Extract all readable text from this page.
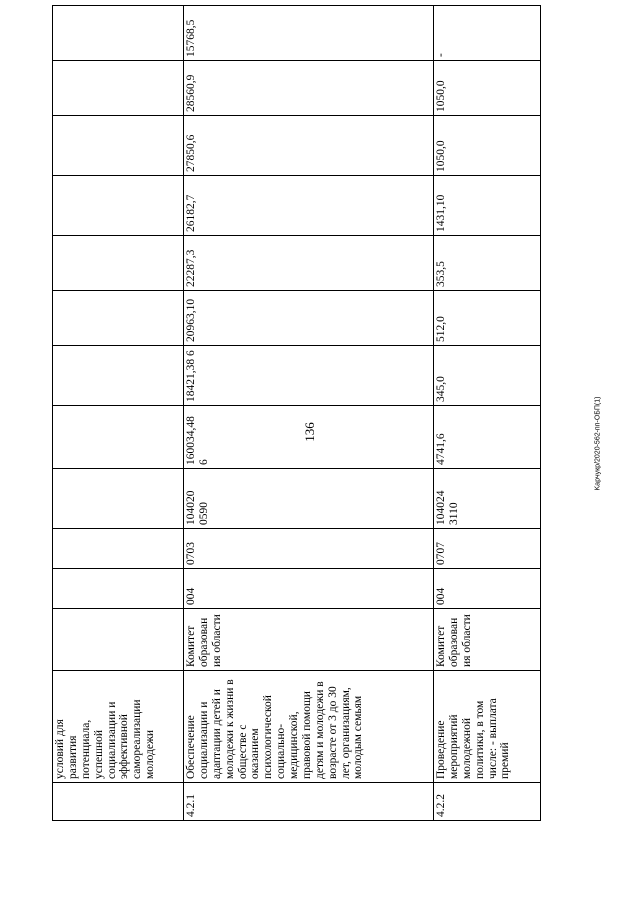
136	Kapчукр/2020-562-пп-ОБП(1)
	условий для развития потенциала, успешной социализации и эффективной самореализации молодежи												
4.2.1	Обеспечение социализации и адаптации детей и молодежи к жизни в обществе с оказанием психологической социально-медицинской, правовой помощи детям и молодежи в возрасте от 3 до 30 лет, организациям, молодым семьям	Комитет образования области	004	0703	104020 0590	160034,48 6	18421,38 6	20963,10	22287,3	26182,7	27850,6	28560,9	15768,5
4.2.2	Проведение мероприятий молодежной политики, в том числе: - выплата премий	Комитет образования области	004	0707	104024 3110	4741,6	345,0	512,0	353,5	1431,10	1050,0	1050,0	-
